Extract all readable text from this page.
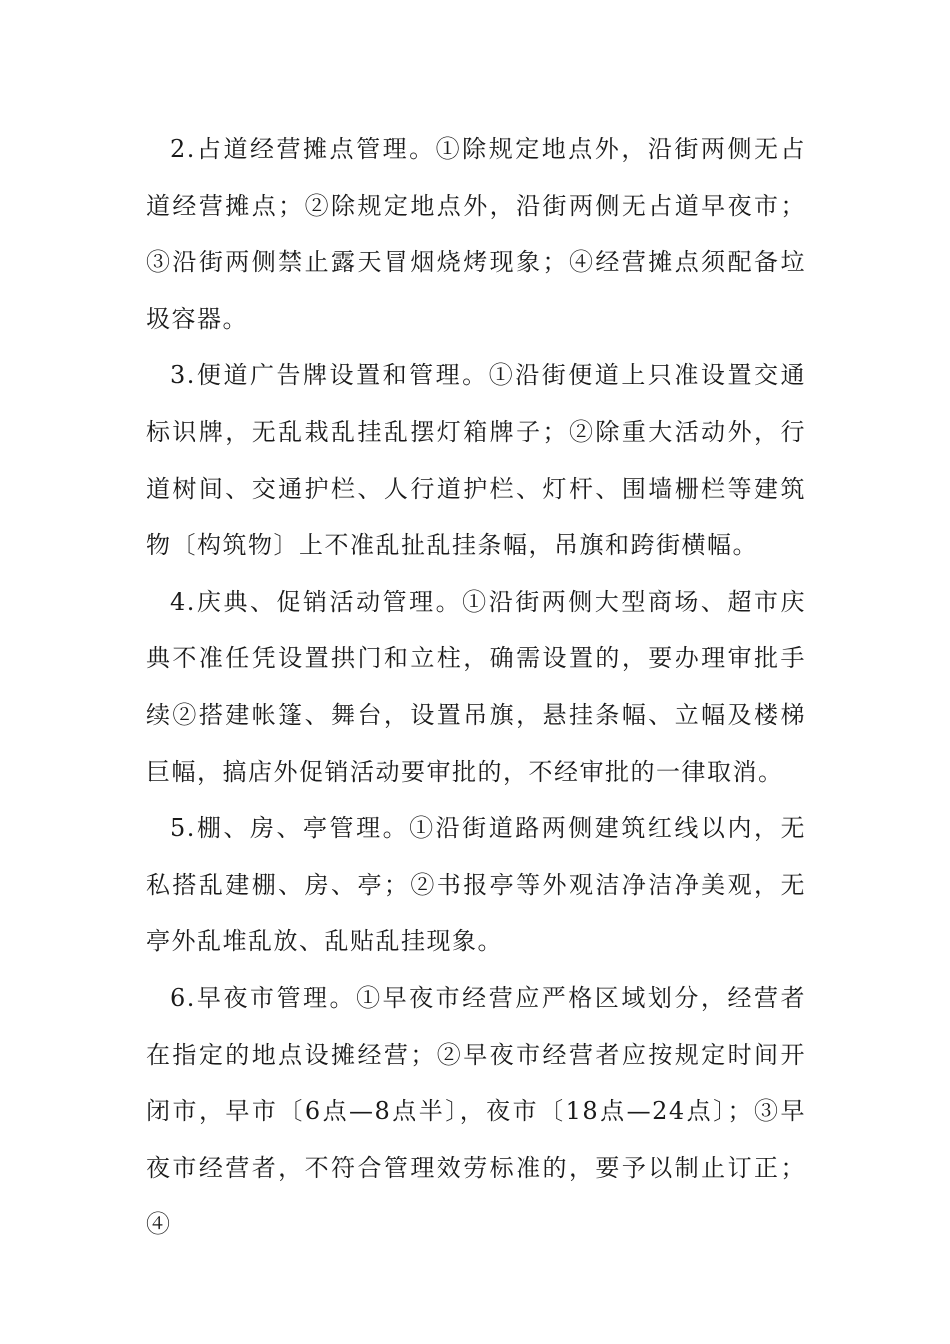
2.占道经营摊点管理。①除规定地点外，沿街两侧无占道经营摊点；②除规定地点外，沿街两侧无占道早夜市；③沿街两侧禁止露天冒烟烧烤现象；④经营摊点须配备垃圾容器。

3.便道广告牌设置和管理。①沿街便道上只准设置交通标识牌，无乱栽乱挂乱摆灯箱牌子；②除重大活动外，行道树间、交通护栏、人行道护栏、灯杆、围墙栅栏等建筑物〔构筑物〕上不准乱扯乱挂条幅，吊旗和跨街横幅。

4.庆典、促销活动管理。①沿街两侧大型商场、超市庆典不准任凭设置拱门和立柱，确需设置的，要办理审批手续②搭建帐篷、舞台，设置吊旗，悬挂条幅、立幅及楼梯巨幅，搞店外促销活动要审批的，不经审批的一律取消。

5.棚、房、亭管理。①沿街道路两侧建筑红线以内，无私搭乱建棚、房、亭；②书报亭等外观洁净洁净美观，无亭外乱堆乱放、乱贴乱挂现象。

6.早夜市管理。①早夜市经营应严格区域划分，经营者在指定的地点设摊经营；②早夜市经营者应按规定时间开闭市，早市〔6点—8点半〕，夜市〔18点—24点〕；③早夜市经营者，不符合管理效劳标准的，要予以制止订正；④
